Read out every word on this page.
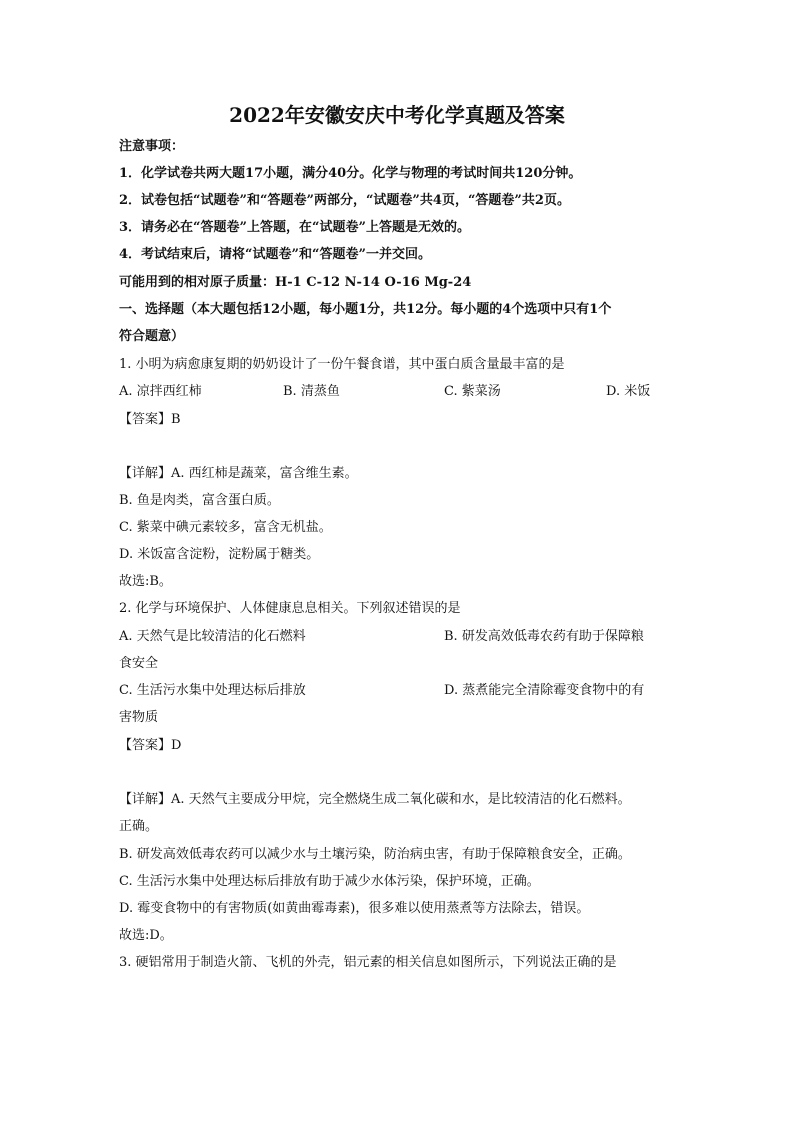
2022年安徽安庆中考化学真题及答案
注意事项：
1．化学试卷共两大题17小题，满分40分。化学与物理的考试时间共120分钟。
2．试卷包括“试题卷”和“答题卷”两部分，“试题卷”共4页，“答题卷”共2页。
3．请务必在“答题卷”上答题，在“试题卷”上答题是无效的。
4．考试结束后，请将“试题卷”和“答题卷”一并交回。
可能用到的相对原子质量：H-1 C-12 N-14 O-16 Mg-24
一、选择题（本大题包括12小题，每小题1分，共12分。每小题的4个选项中只有1个
符合题意）
1. 小明为病愈康复期的奶奶设计了一份午餐食谱，其中蛋白质含量最丰富的是
A. 凉拌西红柿	B. 清蒸鱼	C. 紫菜汤	D. 米饭
【答案】B
【详解】A. 西红柿是蔬菜，富含维生素。
B. 鱼是肉类，富含蛋白质。
C. 紫菜中碘元素较多，富含无机盐。
D. 米饭富含淀粉，淀粉属于糖类。
故选:B。
2. 化学与环境保护、人体健康息息相关。下列叙述错误的是
A. 天然气是比较清洁的化石燃料	B. 研发高效低毒农药有助于保障粮
食安全
C. 生活污水集中处理达标后排放	D. 蒸煮能完全清除霉变食物中的有
害物质
【答案】D
【详解】A. 天然气主要成分甲烷，完全燃烧生成二氧化碳和水，是比较清洁的化石燃料。
正确。
B. 研发高效低毒农药可以减少水与土壤污染，防治病虫害，有助于保障粮食安全，正确。
C. 生活污水集中处理达标后排放有助于减少水体污染，保护环境，正确。
D. 霉变食物中的有害物质(如黄曲霉毒素)，很多难以使用蒸煮等方法除去，错误。
故选:D。
3. 硬铝常用于制造火箭、飞机的外壳，铝元素的相关信息如图所示，下列说法正确的是
